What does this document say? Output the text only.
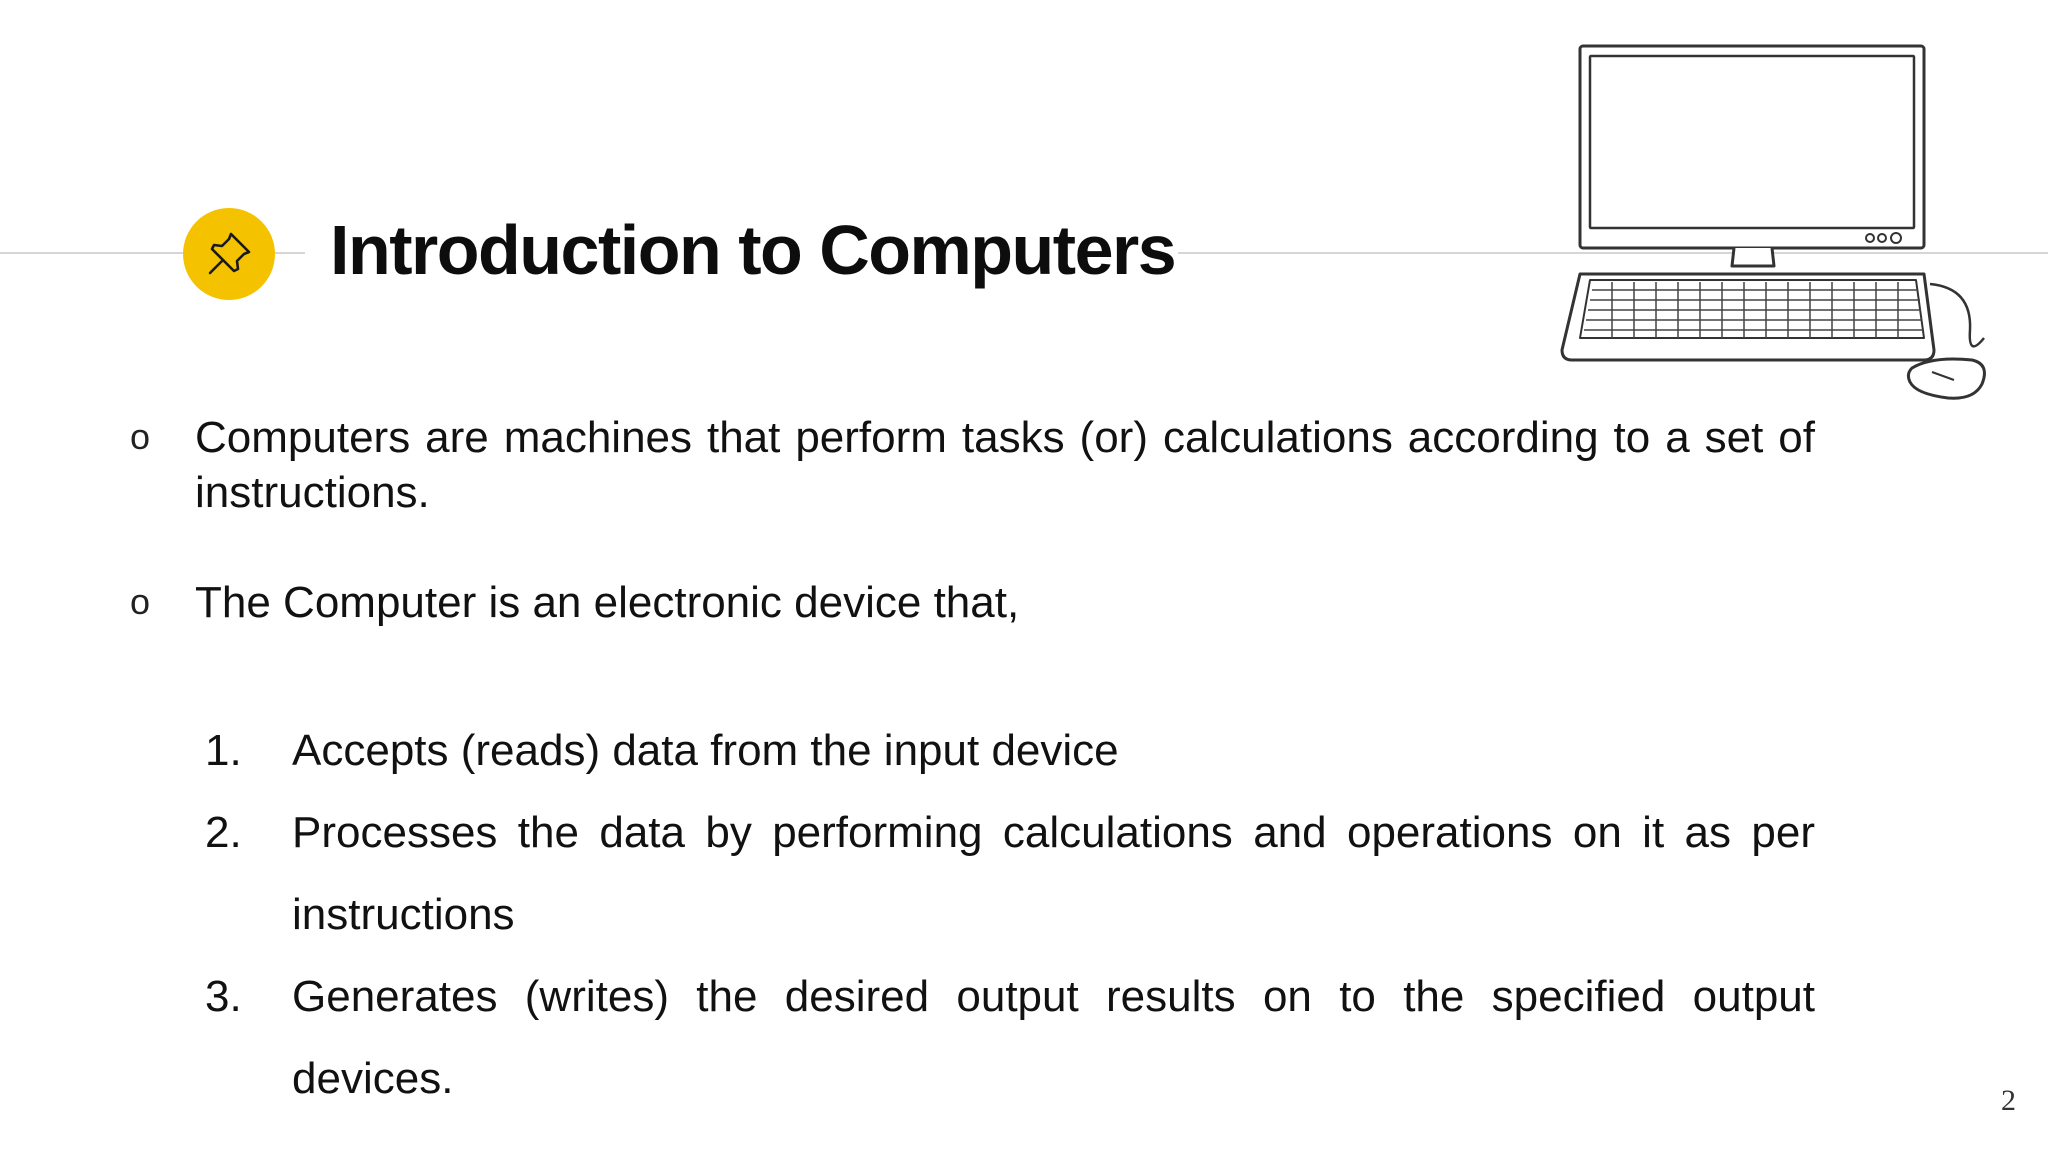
Introduction to Computers
o Computers are machines that perform tasks (or) calculations according to a set of instructions.
o The Computer is an electronic device that,
1.	Accepts (reads) data from the input device
2.	Processes the data by performing calculations and operations on it as per instructions
3.	Generates (writes) the desired output results on to the specified output devices.	2
